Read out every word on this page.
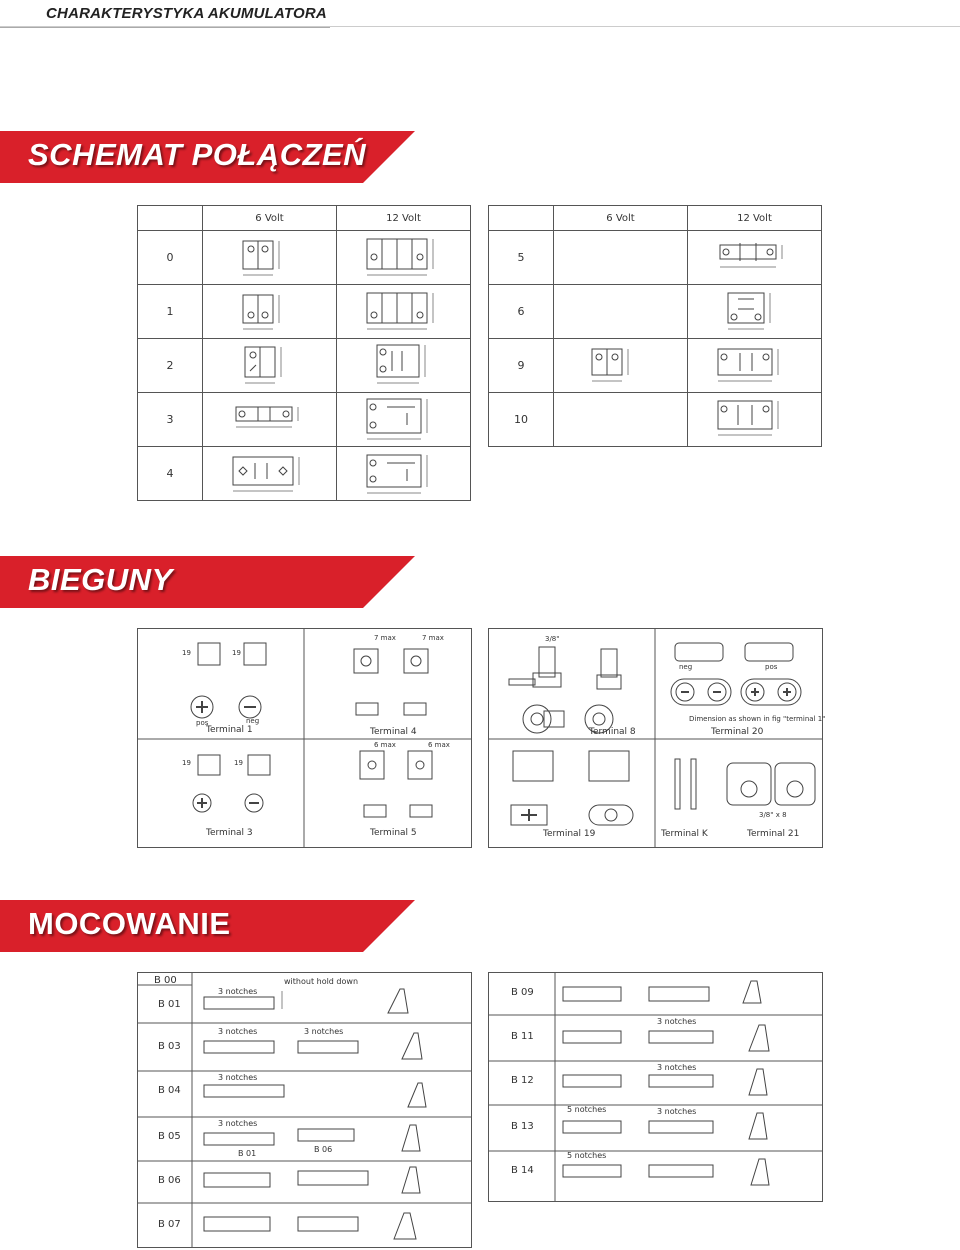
CHARAKTERYSTYKA AKUMULATORA
SCHEMAT POŁĄCZEŃ
	6 Volt	12 Volt
0	

1	

2	

3	

4	

	6 Volt	12 Volt
5		

6		

9	

10		
BIEGUNY
19	19
19	19
pos	neg
7 max	7 max
6 max	6 max
Terminal 1	Terminal 4
Terminal 3	Terminal 5
3/8"
neg	pos
Dimension as shown in fig "terminal 1"
3/8" x 8
Terminal 8	Terminal 20
Terminal 19	Terminal K	Terminal 21
MOCOWANIE
B 00	without hold down
B 01
3 notches
B 03
3 notches	3 notches
B 04
3 notches
B 05
3 notches
B 01	B 06
B 06
B 07
B 09
B 11
3 notches
B 12
3 notches
B 13
5 notches	3 notches
B 14
5 notches
